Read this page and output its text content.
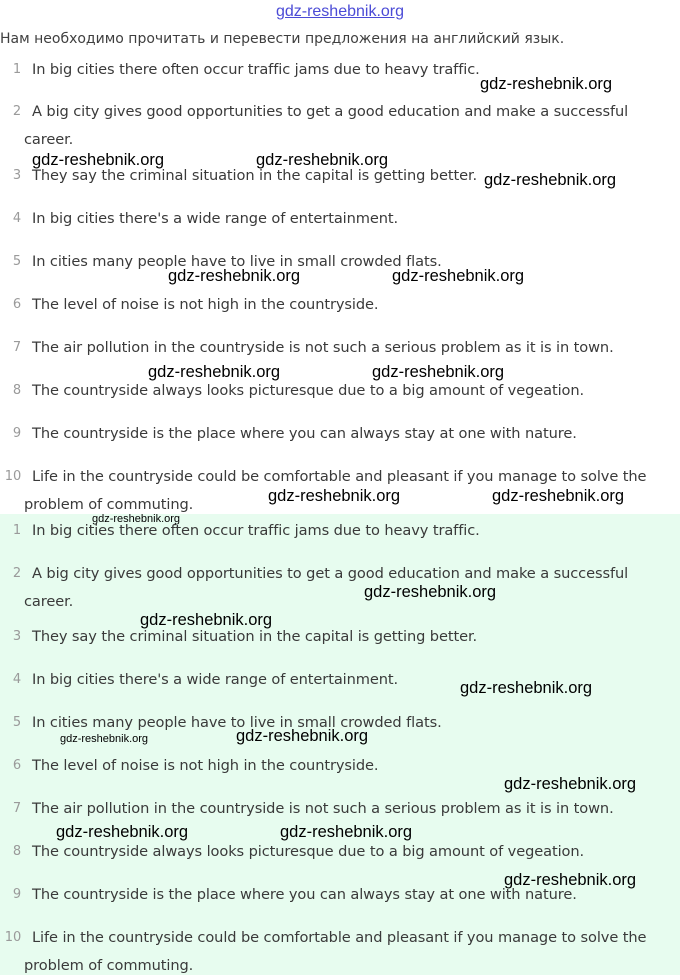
gdz-reshebnik.org
Нам необходимо прочитать и перевести предложения на английский язык.
1 In big cities there often occur traffic jams due to heavy traffic.
2 A big city gives good opportunities to get a good education and make a successful career.
3 They say the criminal situation in the capital is getting better.
4 In big cities there's a wide range of entertainment.
5 In cities many people have to live in small crowded flats.
6 The level of noise is not high in the countryside.
7 The air pollution in the countryside is not such a serious problem as it is in town.
8 The countryside always looks picturesque due to a big amount of vegeation.
9 The countryside is the place where you can always stay at one with nature.
10 Life in the countryside could be comfortable and pleasant if you manage to solve the problem of commuting.
1 In big cities there often occur traffic jams due to heavy traffic.
2 A big city gives good opportunities to get a good education and make a successful career.
3 They say the criminal situation in the capital is getting better.
4 In big cities there's a wide range of entertainment.
5 In cities many people have to live in small crowded flats.
6 The level of noise is not high in the countryside.
7 The air pollution in the countryside is not such a serious problem as it is in town.
8 The countryside always looks picturesque due to a big amount of vegeation.
9 The countryside is the place where you can always stay at one with nature.
10 Life in the countryside could be comfortable and pleasant if you manage to solve the problem of commuting.
gdz-reshebnik.org
gdz-reshebnik.org	gdz-reshebnik.org
gdz-reshebnik.org
gdz-reshebnik.org	gdz-reshebnik.org
gdz-reshebnik.org	gdz-reshebnik.org
gdz-reshebnik.org	gdz-reshebnik.org
gdz-reshebnik.org
gdz-reshebnik.org
gdz-reshebnik.org
gdz-reshebnik.org
gdz-reshebnik.org	gdz-reshebnik.org
gdz-reshebnik.org
gdz-reshebnik.org	gdz-reshebnik.org
gdz-reshebnik.org
